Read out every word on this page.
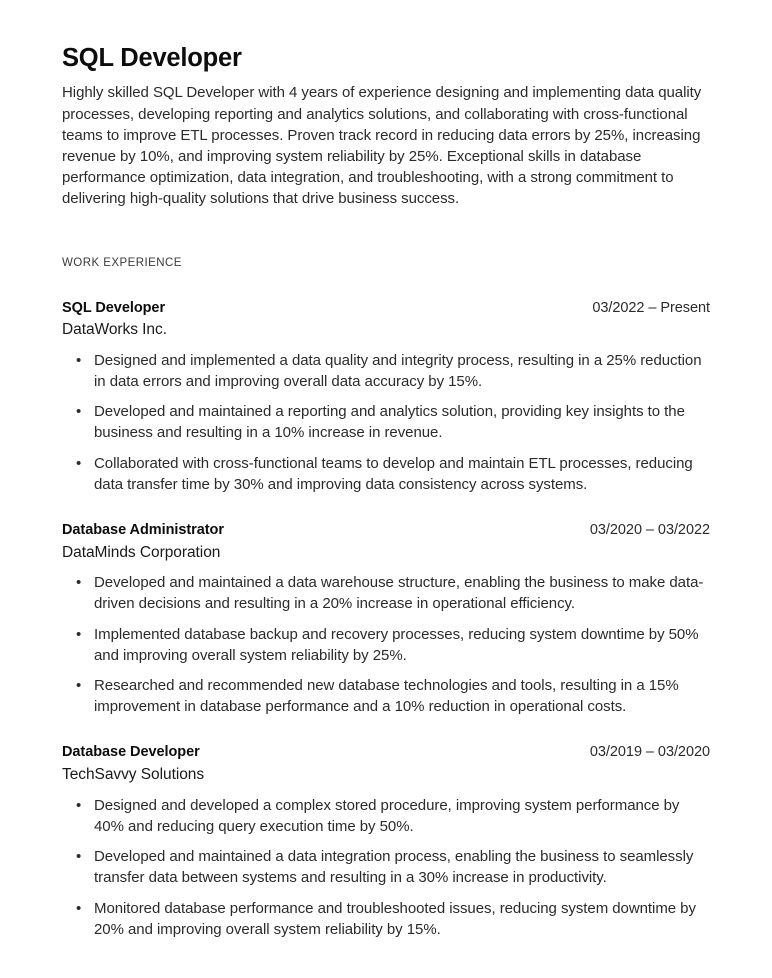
SQL Developer

Highly skilled SQL Developer with 4 years of experience designing and implementing data quality processes, developing reporting and analytics solutions, and collaborating with cross-functional teams to improve ETL processes. Proven track record in reducing data errors by 25%, increasing revenue by 10%, and improving system reliability by 25%. Exceptional skills in database performance optimization, data integration, and troubleshooting, with a strong commitment to delivering high-quality solutions that drive business success.

WORK EXPERIENCE
SQL Developer	03/2022 – Present
DataWorks Inc.
• Designed and implemented a data quality and integrity process, resulting in a 25% reduction in data errors and improving overall data accuracy by 15%.
• Developed and maintained a reporting and analytics solution, providing key insights to the business and resulting in a 10% increase in revenue.
• Collaborated with cross-functional teams to develop and maintain ETL processes, reducing data transfer time by 30% and improving data consistency across systems.
Database Administrator	03/2020 – 03/2022
DataMinds Corporation
• Developed and maintained a data warehouse structure, enabling the business to make data-driven decisions and resulting in a 20% increase in operational efficiency.
• Implemented database backup and recovery processes, reducing system downtime by 50% and improving overall system reliability by 25%.
• Researched and recommended new database technologies and tools, resulting in a 15% improvement in database performance and a 10% reduction in operational costs.
Database Developer	03/2019 – 03/2020
TechSavvy Solutions
• Designed and developed a complex stored procedure, improving system performance by 40% and reducing query execution time by 50%.
• Developed and maintained a data integration process, enabling the business to seamlessly transfer data between systems and resulting in a 30% increase in productivity.
• Monitored database performance and troubleshooted issues, reducing system downtime by 20% and improving overall system reliability by 15%.
